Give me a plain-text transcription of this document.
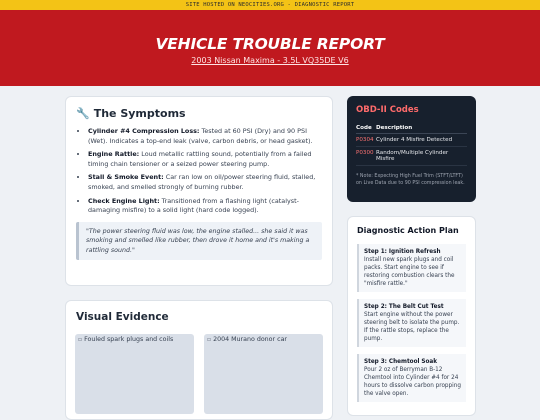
SITE HOSTED ON NEOCITIES.ORG - DIAGNOSTIC REPORT
VEHICLE TROUBLE REPORT
2003 Nissan Maxima - 3.5L VQ35DE V6
🔧 The Symptoms
• Cylinder #4 Compression Loss: Tested at 60 PSI (Dry) and 90 PSI (Wet). Indicates a top-end leak (valve, carbon debris, or head gasket).
• Engine Rattle: Loud metallic rattling sound, potentially from a failed timing chain tensioner or a seized power steering pump.
• Stall & Smoke Event: Car ran low on oil/power steering fluid, stalled, smoked, and smelled strongly of burning rubber.
• Check Engine Light: Transitioned from a flashing light (catalyst-damaging misfire) to a solid light (hard code logged).
"The power steering fluid was low, the engine stalled... she said it was smoking and smelled like rubber, then drove it home and it's making a rattling sound."
Visual Evidence
▫ Fouled spark plugs and coils	▫ 2004 Murano donor car
OBD-II Codes
Code	Description
P0304	Cylinder 4 Misfire Detected
P0300	Random/Multiple Cylinder Misfire
* Note: Expecting High Fuel Trim (STFT/LTFT) on Live Data due to 90 PSI compression leak.
Diagnostic Action Plan
Step 1: Ignition Refresh
Install new spark plugs and coil packs. Start engine to see if restoring combustion clears the "misfire rattle."
Step 2: The Belt Cut Test
Start engine without the power steering belt to isolate the pump. If the rattle stops, replace the pump.
Step 3: Chemtool Soak
Pour 2 oz of Berryman B-12 Chemtool into Cylinder #4 for 24 hours to dissolve carbon propping the valve open.
